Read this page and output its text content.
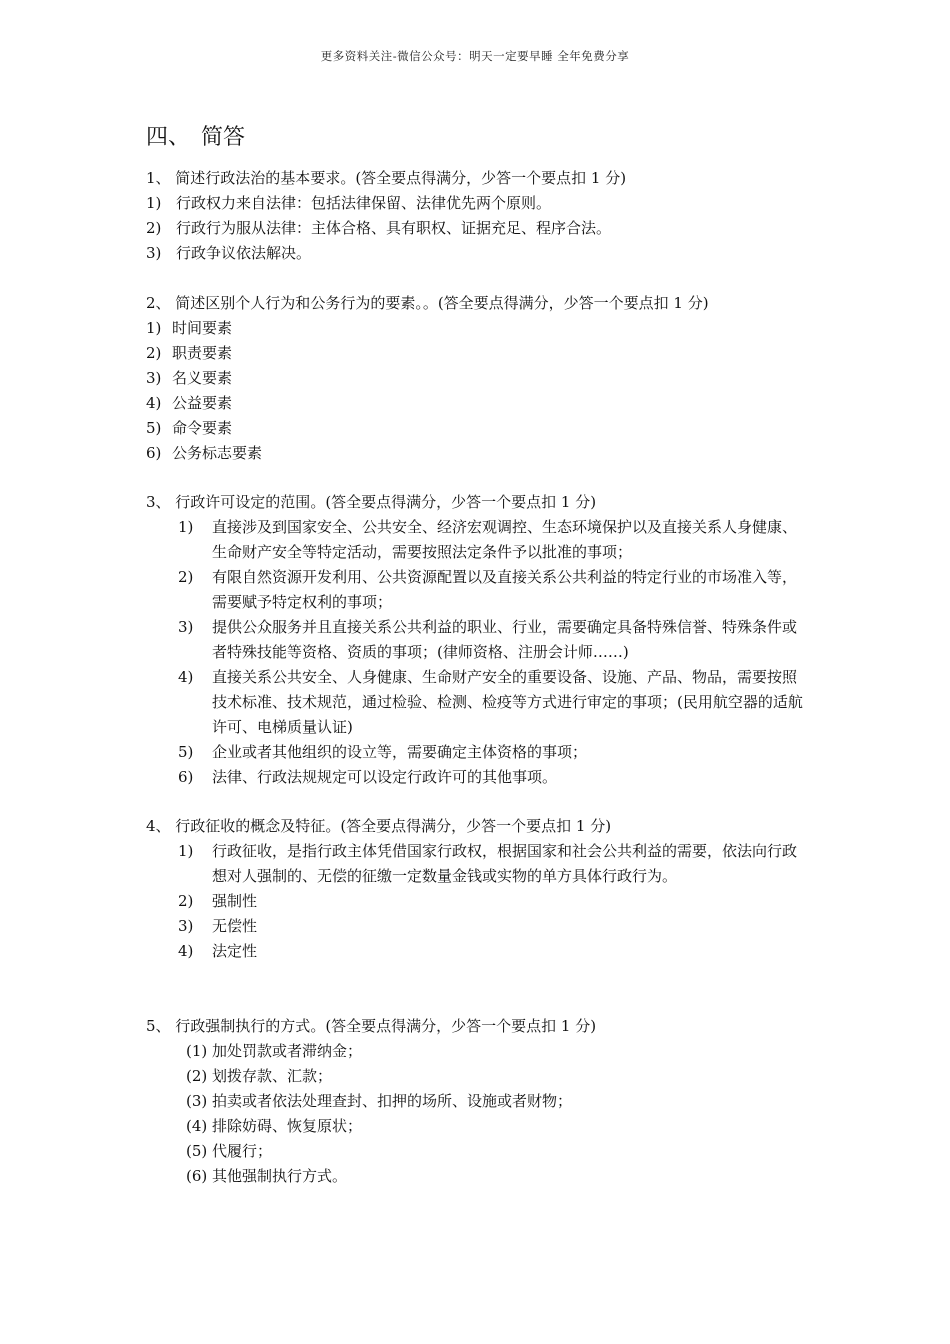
更多资料关注-微信公众号：明天一定要早睡 全年免费分享
四、　简答
1、 简述行政法治的基本要求。(答全要点得满分，少答一个要点扣 1 分)
1) 行政权力来自法律：包括法律保留、法律优先两个原则。
2) 行政行为服从法律：主体合格、具有职权、证据充足、程序合法。
3) 行政争议依法解决。
2、 简述区别个人行为和公务行为的要素。。(答全要点得满分，少答一个要点扣 1 分)
1) 时间要素
2) 职责要素
3) 名义要素
4) 公益要素
5) 命令要素
6) 公务标志要素
3、 行政许可设定的范围。(答全要点得满分，少答一个要点扣 1 分)
1) 直接涉及到国家安全、公共安全、经济宏观调控、生态环境保护以及直接关系人身健康、生命财产安全等特定活动，需要按照法定条件予以批准的事项；
2) 有限自然资源开发利用、公共资源配置以及直接关系公共利益的特定行业的市场准入等，需要赋予特定权利的事项；
3) 提供公众服务并且直接关系公共利益的职业、行业，需要确定具备特殊信誉、特殊条件或者特殊技能等资格、资质的事项；(律师资格、注册会计师……)
4) 直接关系公共安全、人身健康、生命财产安全的重要设备、设施、产品、物品，需要按照技术标准、技术规范，通过检验、检测、检疫等方式进行审定的事项；(民用航空器的适航许可、电梯质量认证)
5) 企业或者其他组织的设立等，需要确定主体资格的事项；
6) 法律、行政法规规定可以设定行政许可的其他事项。
4、 行政征收的概念及特征。(答全要点得满分，少答一个要点扣 1 分)
1) 行政征收，是指行政主体凭借国家行政权，根据国家和社会公共利益的需要，依法向行政想对人强制的、无偿的征缴一定数量金钱或实物的单方具体行政行为。
2) 强制性
3) 无偿性
4) 法定性
5、 行政强制执行的方式。(答全要点得满分，少答一个要点扣 1 分)
(1) 加处罚款或者滞纳金；
(2) 划拨存款、汇款；
(3) 拍卖或者依法处理查封、扣押的场所、设施或者财物；
(4) 排除妨碍、恢复原状；
(5) 代履行；
(6) 其他强制执行方式。
